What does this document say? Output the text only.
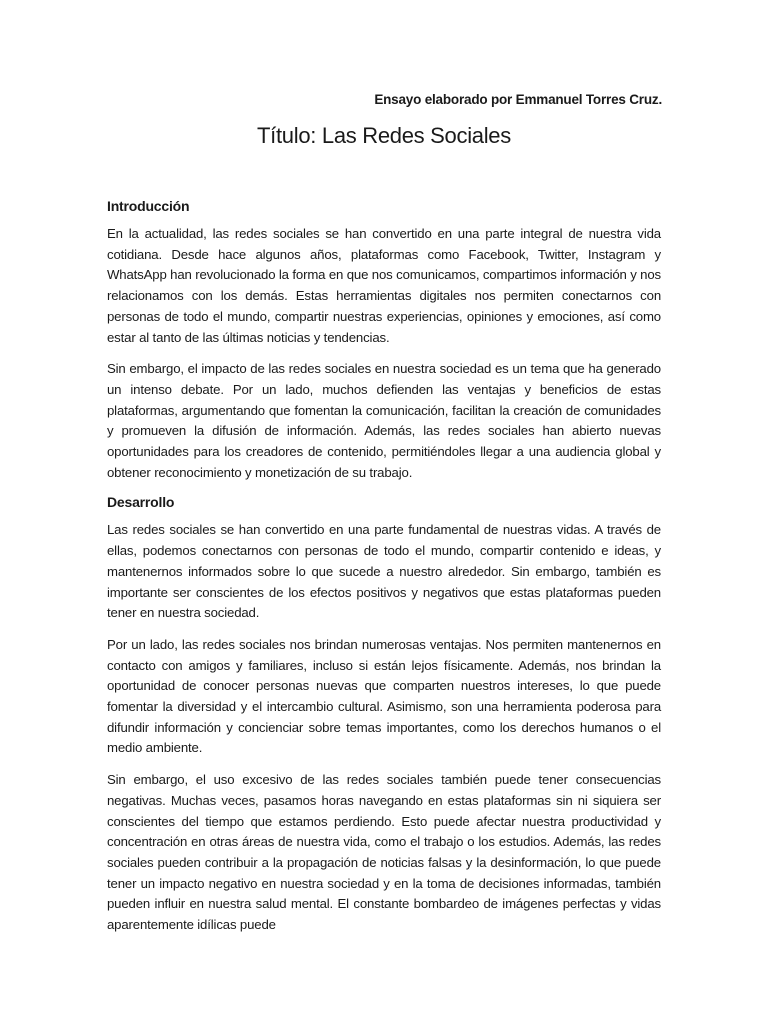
Ensayo elaborado por Emmanuel Torres Cruz.
Título: Las Redes Sociales
Introducción

En la actualidad, las redes sociales se han convertido en una parte integral de nuestra vida cotidiana. Desde hace algunos años, plataformas como Facebook, Twitter, Instagram y WhatsApp han revolucionado la forma en que nos comunicamos, compartimos información y nos relacionamos con los demás. Estas herramientas digitales nos permiten conectarnos con personas de todo el mundo, compartir nuestras experiencias, opiniones y emociones, así como estar al tanto de las últimas noticias y tendencias.

Sin embargo, el impacto de las redes sociales en nuestra sociedad es un tema que ha generado un intenso debate. Por un lado, muchos defienden las ventajas y beneficios de estas plataformas, argumentando que fomentan la comunicación, facilitan la creación de comunidades y promueven la difusión de información. Además, las redes sociales han abierto nuevas oportunidades para los creadores de contenido, permitiéndoles llegar a una audiencia global y obtener reconocimiento y monetización de su trabajo.

Desarrollo

Las redes sociales se han convertido en una parte fundamental de nuestras vidas. A través de ellas, podemos conectarnos con personas de todo el mundo, compartir contenido e ideas, y mantenernos informados sobre lo que sucede a nuestro alrededor. Sin embargo, también es importante ser conscientes de los efectos positivos y negativos que estas plataformas pueden tener en nuestra sociedad.

Por un lado, las redes sociales nos brindan numerosas ventajas. Nos permiten mantenernos en contacto con amigos y familiares, incluso si están lejos físicamente. Además, nos brindan la oportunidad de conocer personas nuevas que comparten nuestros intereses, lo que puede fomentar la diversidad y el intercambio cultural. Asimismo, son una herramienta poderosa para difundir información y concienciar sobre temas importantes, como los derechos humanos o el medio ambiente.

Sin embargo, el uso excesivo de las redes sociales también puede tener consecuencias negativas. Muchas veces, pasamos horas navegando en estas plataformas sin ni siquiera ser conscientes del tiempo que estamos perdiendo. Esto puede afectar nuestra productividad y concentración en otras áreas de nuestra vida, como el trabajo o los estudios. Además, las redes sociales pueden contribuir a la propagación de noticias falsas y la desinformación, lo que puede tener un impacto negativo en nuestra sociedad y en la toma de decisiones informadas, también pueden influir en nuestra salud mental. El constante bombardeo de imágenes perfectas y vidas aparentemente idílicas puede
